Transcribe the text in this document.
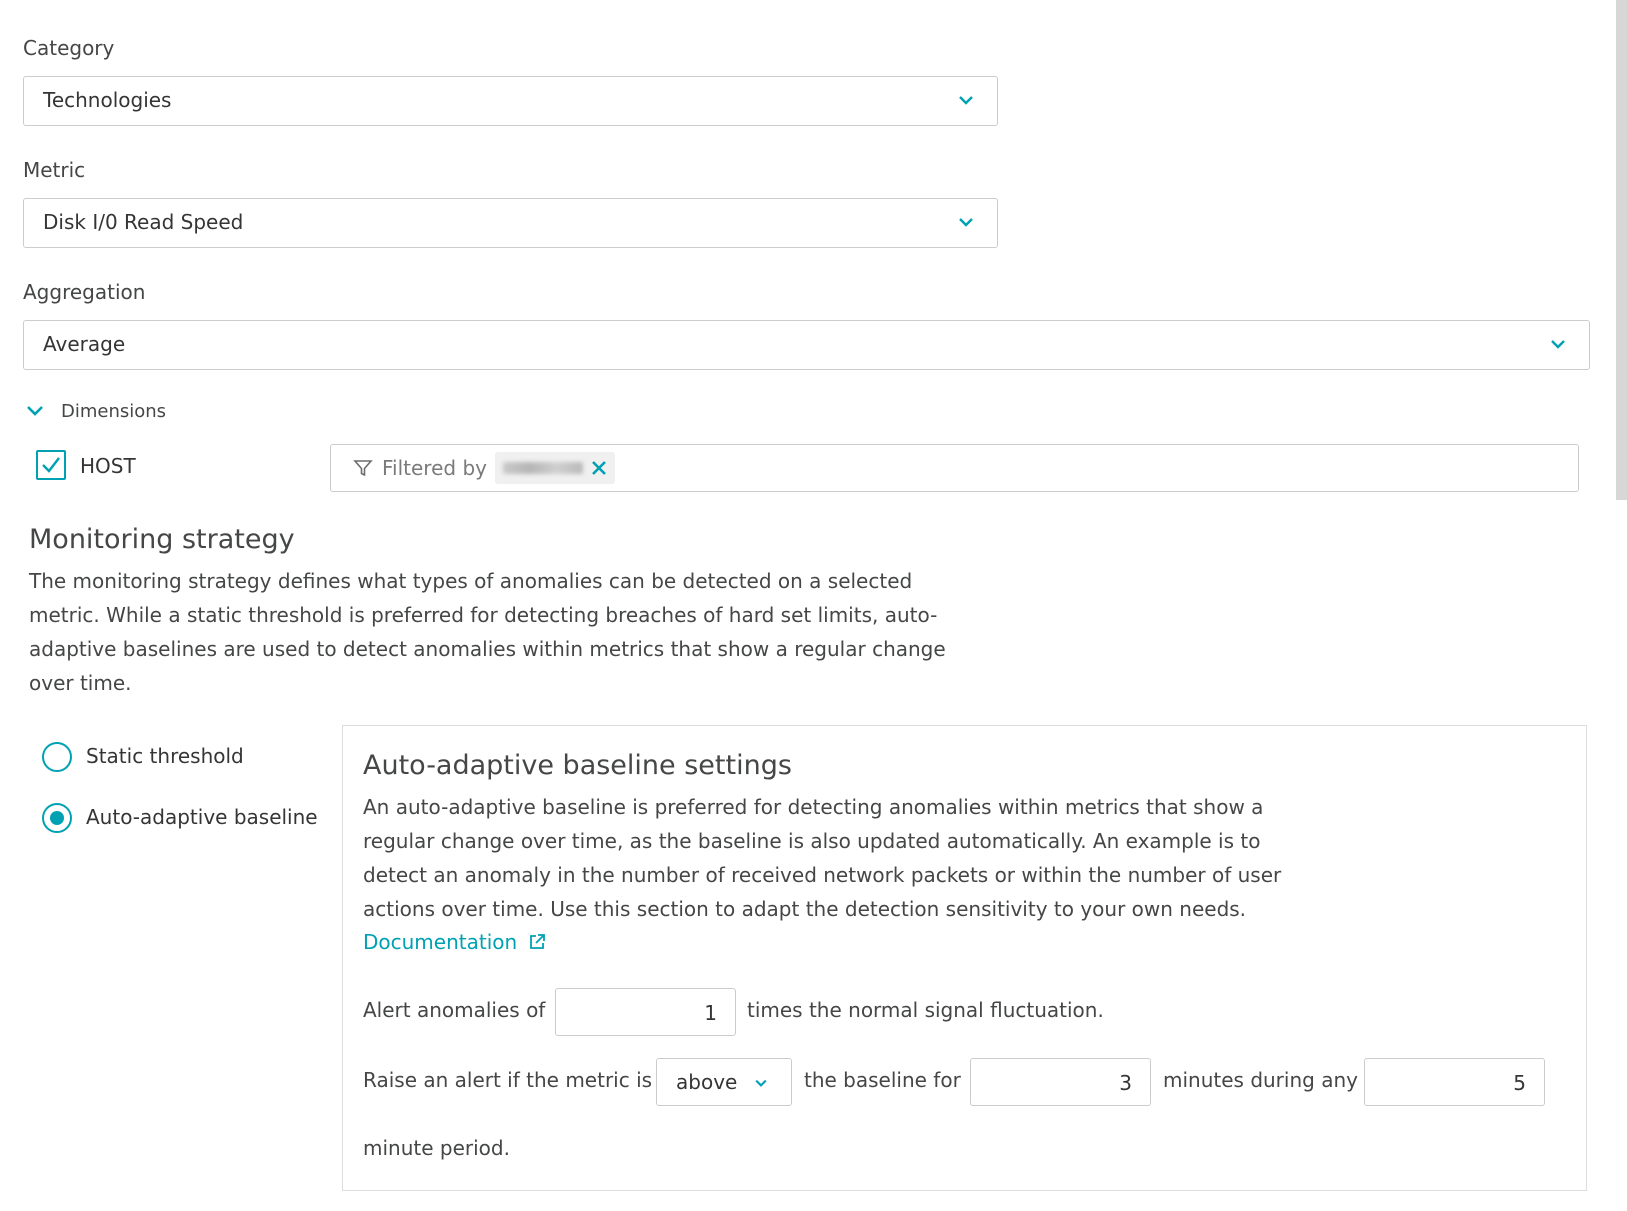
Category
Technologies
Metric
Disk I/0 Read Speed
Aggregation
Average
Dimensions
HOST	Filtered by
Monitoring strategy
The monitoring strategy defines what types of anomalies can be detected on a selected
metric. While a static threshold is preferred for detecting breaches of hard set limits, auto-
adaptive baselines are used to detect anomalies within metrics that show a regular change
over time.
Static threshold
Auto-adaptive baseline
Auto-adaptive baseline settings
An auto-adaptive baseline is preferred for detecting anomalies within metrics that show a
regular change over time, as the baseline is also updated automatically. An example is to
detect an anomaly in the number of received network packets or within the number of user
actions over time. Use this section to adapt the detection sensitivity to your own needs.
Documentation
Alert anomalies of	1 times the normal signal fluctuation.
Raise an alert if the metric is above	the baseline for	3 minutes during any	5
minute period.
